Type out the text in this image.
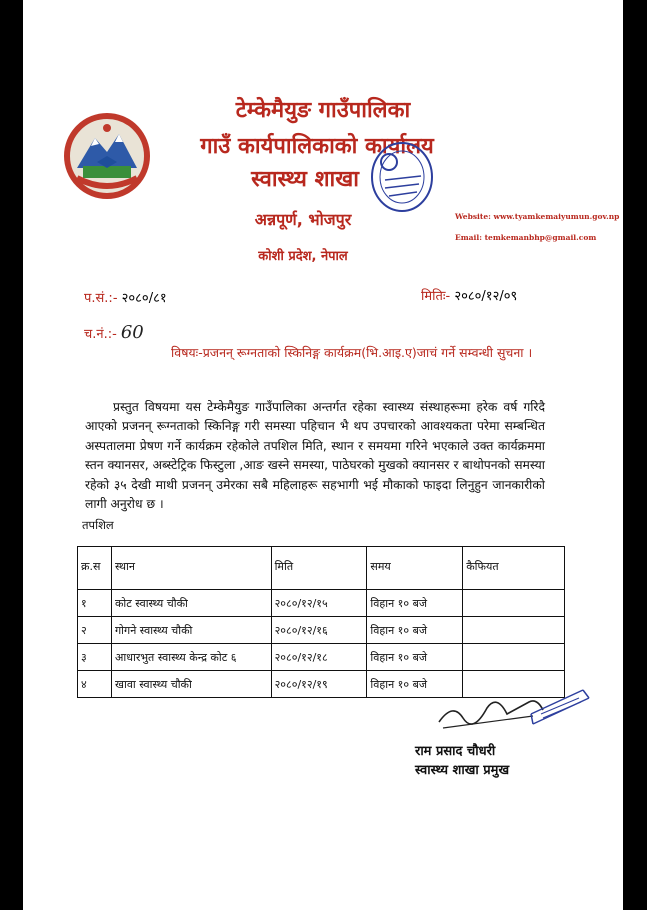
टेम्केमैयुङ गाउँपालिका
गाउँ कार्यपालिकाको कार्यालय
स्वास्थ्य शाखा
अन्नपूर्ण, भोजपुर
कोशी प्रदेश, नेपाल
Website: www.tyamkemaiyumun.gov.np
Email: temkemanbhp@gmail.com
प.सं.:- २०८०/८१	मितिः- २०८०/१२/०९
च.नं.:- 60
विषयः-प्रजनन् रूग्नताको स्किनिङ्ग कार्यक्रम(भि.आइ.ए)जाचं गर्ने सम्वन्धी सुचना ।
प्रस्तुत विषयमा यस टेम्केमैयुङ गाउँपालिका अन्तर्गत रहेका स्वास्थ्य संस्थाहरूमा हरेक वर्ष गरिदै आएको प्रजनन् रूग्नताको स्किनिङ्ग गरी समस्या पहिचान भै थप उपचारको आवश्यकता परेमा सम्बन्धित अस्पतालमा प्रेषण गर्ने कार्यक्रम रहेकोले तपशिल मिति, स्थान र समयमा गरिने भएकाले उक्त कार्यक्रममा स्तन क्यानसर, अब्स्टेट्रिक फिस्टुला ,आङ खस्ने समस्या, पाठेघरको मुखको क्यानसर र बाथोपनको समस्या रहेको ३५ देखी माथी प्रजनन् उमेरका सबै महिलाहरू सहभागी भई मौकाको फाइदा लिनुहुन जानकारीको लागी अनुरोध छ ।
तपशिल
क्र.स	स्थान	मिति	समय	कैफियत
१	कोट स्वास्थ्य चौकी	२०८०/१२/१५	विहान १० बजे	
२	गोगने स्वास्थ्य चौकी	२०८०/१२/१६	विहान १० बजे	
३	आधारभुत स्वास्थ्य केन्द्र कोट ६	२०८०/१२/१८	विहान १० बजे	
४	खावा स्वास्थ्य चौकी	२०८०/१२/१९	विहान १० बजे	
राम प्रसाद चौधरी
स्वास्थ्य शाखा प्रमुख
